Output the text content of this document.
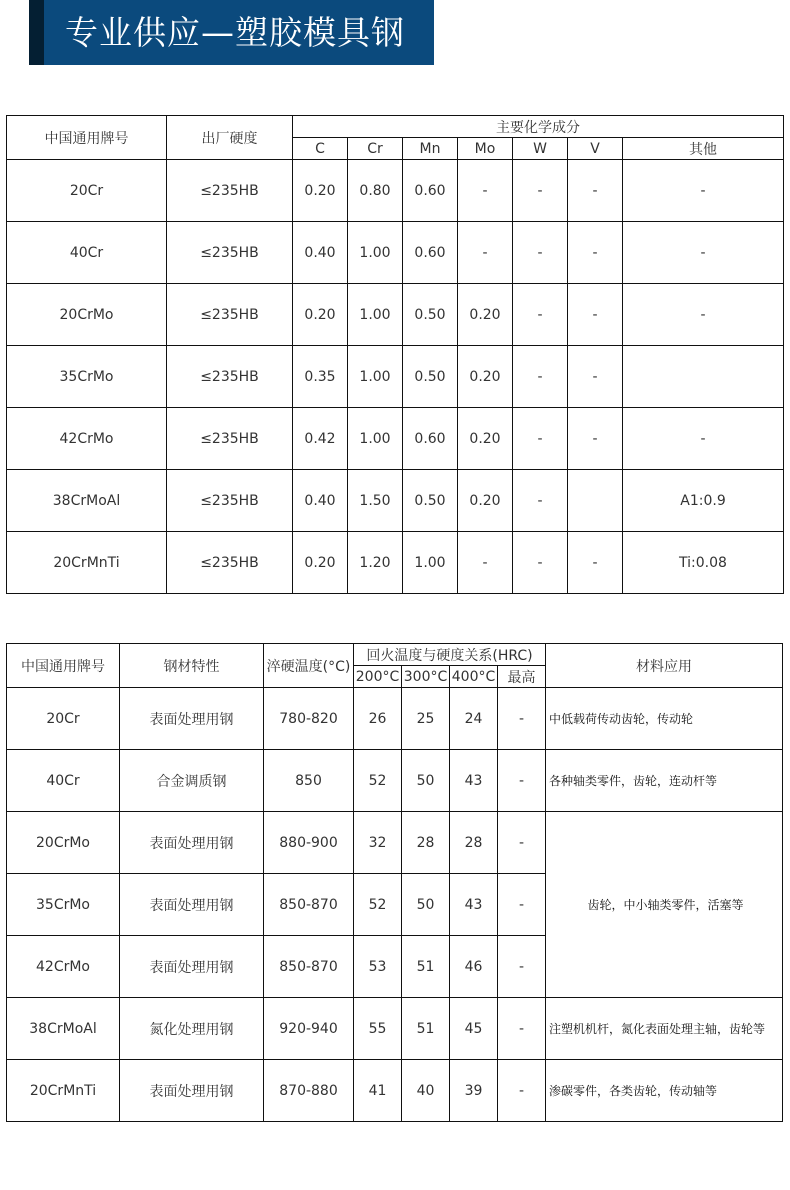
专业供应—塑胶模具钢
中国通用牌号	出厂硬度	主要化学成分						
		C	Cr	Mn	Mo	W	V	其他
20Cr	≤235HB	0.20	0.80	0.60	-	-	-	-
40Cr	≤235HB	0.40	1.00	0.60	-	-	-	-
20CrMo	≤235HB	0.20	1.00	0.50	0.20	-	-	-
35CrMo	≤235HB	0.35	1.00	0.50	0.20	-	-	
42CrMo	≤235HB	0.42	1.00	0.60	0.20	-	-	-
38CrMoAl	≤235HB	0.40	1.50	0.50	0.20	-		A1:0.9
20CrMnTi	≤235HB	0.20	1.20	1.00	-	-	-	Ti:0.08
中国通用牌号	钢材特性	淬硬温度(°C)	回火温度与硬度关系(HRC)				材料应用
			200°C	300°C	400°C	最高	
20Cr	表面处理用钢	780-820	26	25	24	-	中低载荷传动齿轮，传动轮
40Cr	合金调质钢	850	52	50	43	-	各种轴类零件，齿轮，连动杆等
20CrMo	表面处理用钢	880-900	32	28	28	-	齿轮，中小轴类零件，活塞等
35CrMo	表面处理用钢	850-870	52	50	43	-	
42CrMo	表面处理用钢	850-870	53	51	46	-	
38CrMoAl	氮化处理用钢	920-940	55	51	45	-	注塑机机杆，氮化表面处理主轴，齿轮等
20CrMnTi	表面处理用钢	870-880	41	40	39	-	渗碳零件，各类齿轮，传动轴等
